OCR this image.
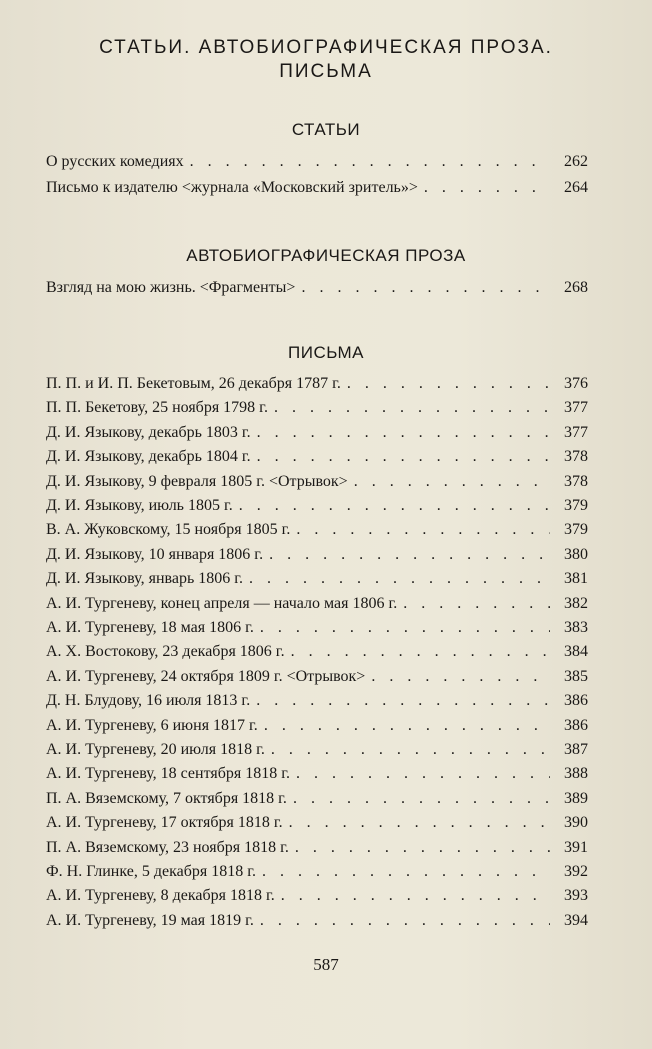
СТАТЬИ. АВТОБИОГРАФИЧЕСКАЯ ПРОЗА.
ПИСЬМА
СТАТЬИ
О русских комедиях . . .	262
Письмо к издателю <журнала «Московский зритель»> . . .	264
АВТОБИОГРАФИЧЕСКАЯ ПРОЗА
Взгляд на мою жизнь. <Фрагменты> . . .	268
ПИСЬМА
П. П. и И. П. Бекетовым, 26 декабря 1787 г. . . .	376
П. П. Бекетову, 25 ноября 1798 г. . . .	377
Д. И. Языкову, декабрь 1803 г. . . .	377
Д. И. Языкову, декабрь 1804 г. . . .	378
Д. И. Языкову, 9 февраля 1805 г. <Отрывок> . . .	378
Д. И. Языкову, июль 1805 г. . . .	379
В. А. Жуковскому, 15 ноября 1805 г. . . .	379
Д. И. Языкову, 10 января 1806 г. . . .	380
Д. И. Языкову, январь 1806 г. . . .	381
А. И. Тургеневу, конец апреля — начало мая 1806 г. . . .	382
А. И. Тургеневу, 18 мая 1806 г. . . .	383
А. Х. Востокову, 23 декабря 1806 г. . . .	384
А. И. Тургеневу, 24 октября 1809 г. <Отрывок> . . .	385
Д. Н. Блудову, 16 июля 1813 г. . . .	386
А. И. Тургеневу, 6 июня 1817 г. . . .	386
А. И. Тургеневу, 20 июля 1818 г. . . .	387
А. И. Тургеневу, 18 сентября 1818 г. . . .	388
П. А. Вяземскому, 7 октября 1818 г. . . .	389
А. И. Тургеневу, 17 октября 1818 г. . . .	390
П. А. Вяземскому, 23 ноября 1818 г. . . .	391
Ф. Н. Глинке, 5 декабря 1818 г. . . .	392
А. И. Тургеневу, 8 декабря 1818 г. . . .	393
А. И. Тургеневу, 19 мая 1819 г. . . .	394
587
